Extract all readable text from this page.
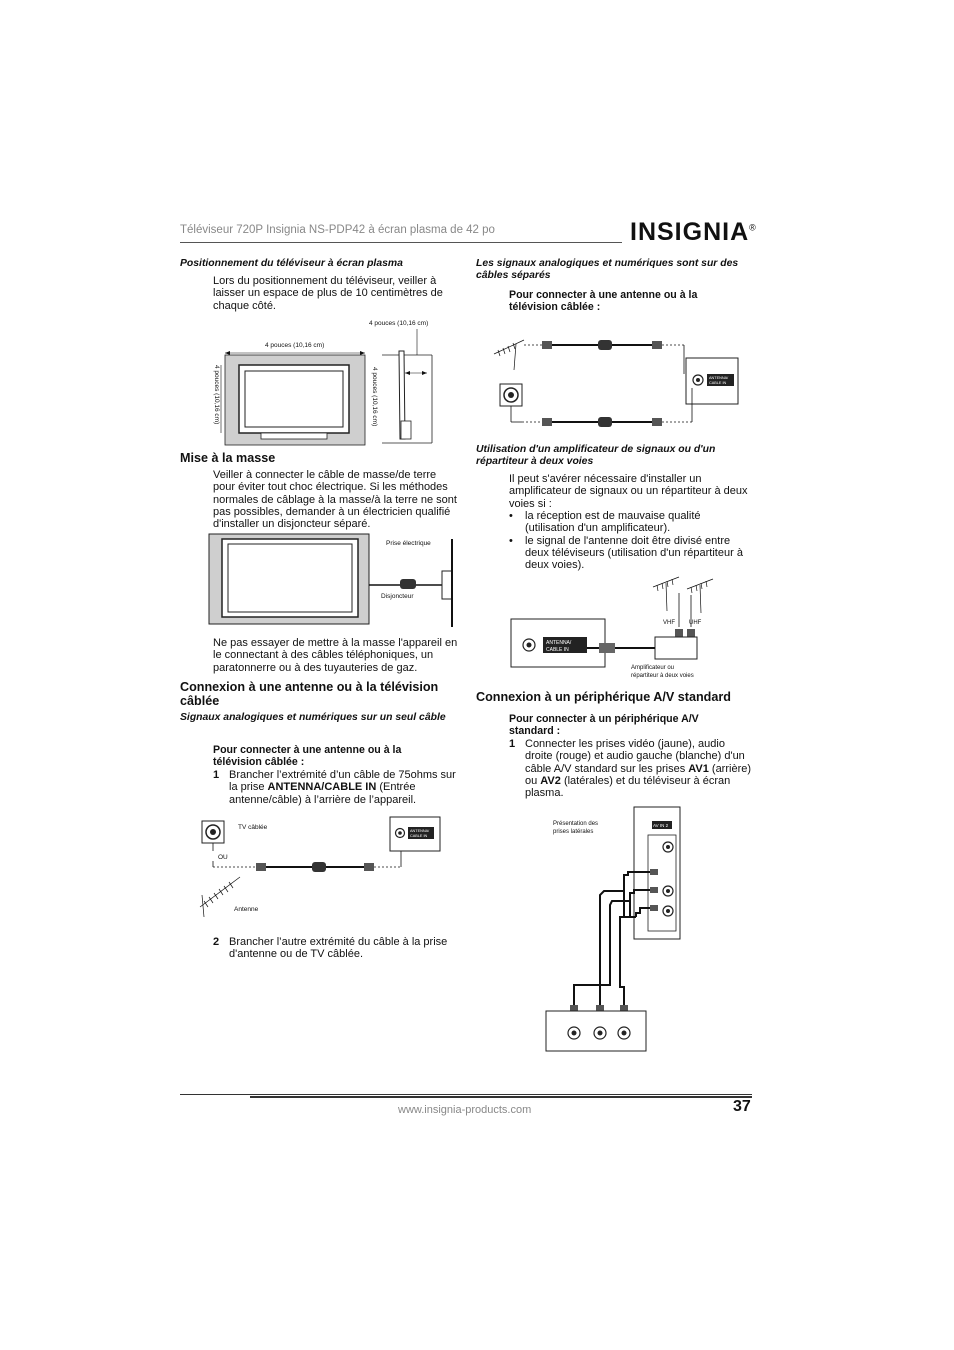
Téléviseur 720P Insignia NS-PDP42 à écran plasma de 42 po	INSIGNIA®
Positionnement du téléviseur à écran plasma
Lors du positionnement du téléviseur, veiller à laisser un espace de plus de 10 centimètres de chaque côté.
4 pouces (10,16 cm)
4 pouces (10,16 cm)
4 pouces (10,16 cm)	4 pouces (10,16 cm)
Mise à la masse
Veiller à connecter le câble de masse/de terre pour éviter tout choc électrique. Si les méthodes normales de câblage à la masse/à la terre ne sont pas possibles, demander à un électricien qualifié d'installer un disjoncteur séparé.
Prise électrique
Disjoncteur
Ne pas essayer de mettre à la masse l'appareil en le connectant à des câbles téléphoniques, un paratonnerre ou à des tuyauteries de gaz.
Connexion à une antenne ou à la télévision câblée
Signaux analogiques et numériques sur un seul câble
Pour connecter à une antenne ou à la télévision câblée :
1 Brancher l’extrémité d’un câble de 75ohms sur la prise ANTENNA/CABLE IN (Entrée antenne/câble) à l’arrière de l’appareil.
TV câblée
OU
ANTENNA/
CABLE IN
Antenne
2 Brancher l’autre extrémité du câble à la prise d'antenne ou de TV câblée.
Les signaux analogiques et numériques sont sur des câbles séparés
Pour connecter à une antenne ou à la télévision câblée :
ANTENNA/
CABLE IN
Utilisation d'un amplificateur de signaux ou d'un répartiteur à deux voies
Il peut s'avérer nécessaire d'installer un amplificateur de signaux ou un répartiteur à deux voies si :
•	la réception est de mauvaise qualité (utilisation d'un amplificateur).
•	le signal de l'antenne doit être divisé entre deux téléviseurs (utilisation d'un répartiteur à deux voies).
VHF UHF
ANTENNA/
CABLE IN
Amplificateur ou
répartiteur à deux voies
Connexion à un périphérique A/V standard
Pour connecter à un périphérique A/V standard :
1 Connecter les prises vidéo (jaune), audio droite (rouge) et audio gauche (blanche) d'un câble A/V standard sur les prises AV1 (arrière) ou AV2 (latérales) et du téléviseur à écran plasma.
Présentation des
prises latérales
AV IN 2
www.insignia-products.com	37
